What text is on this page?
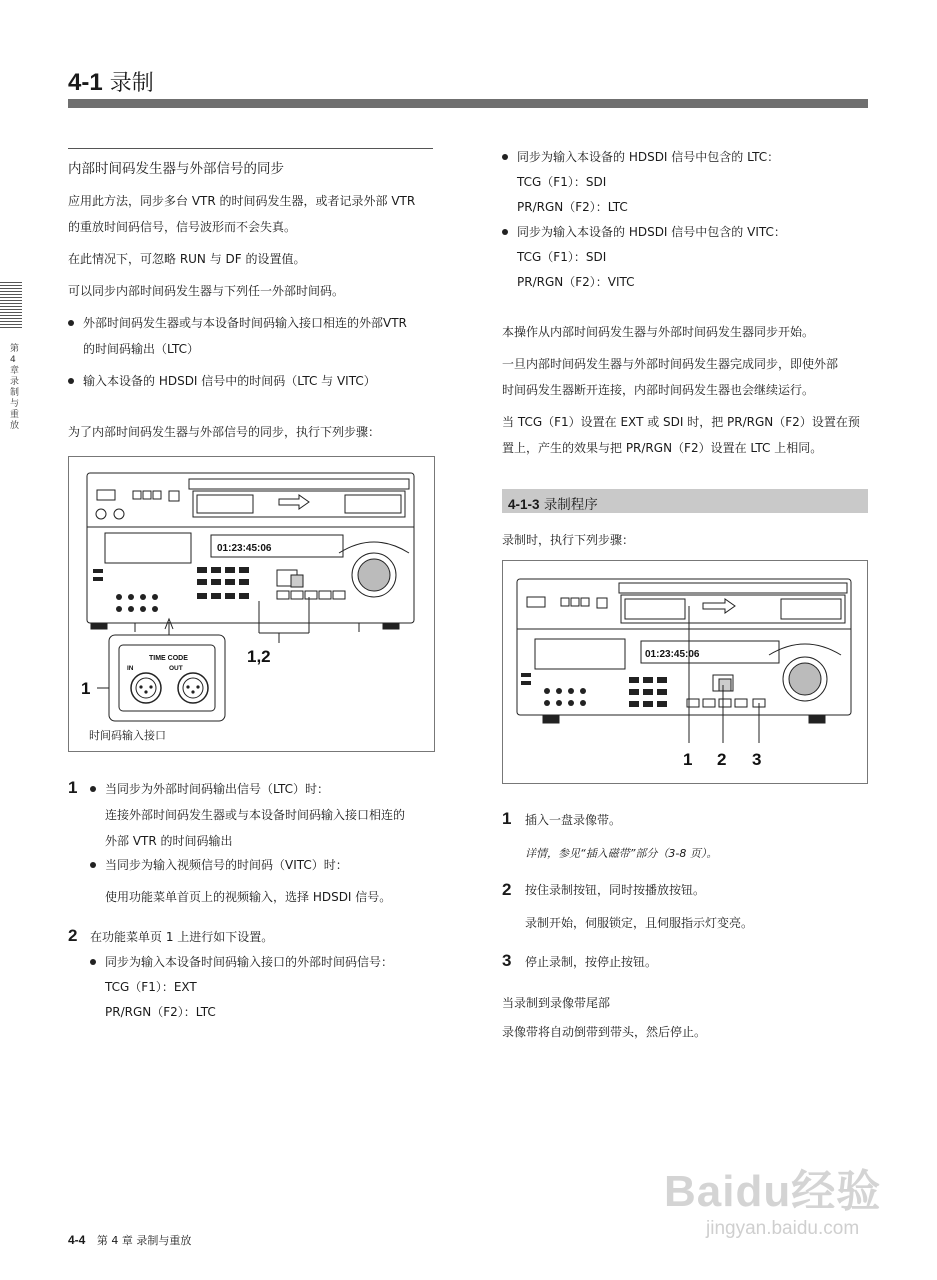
4-1 录制
第 4 章 录制与重放
内部时间码发生器与外部信号的同步
应用此方法，同步多台 VTR 的时间码发生器，或者记录外部 VTR
的重放时间码信号，信号波形而不会失真。
在此情况下，可忽略 RUN 与 DF 的设置值。
可以同步内部时间码发生器与下列任一外部时间码。
外部时间码发生器或与本设备时间码输入接口相连的外部VTR
的时间码输出（LTC）
输入本设备的 HDSDI 信号中的时间码（LTC 与 VITC）
为了内部时间码发生器与外部信号的同步，执行下列步骤：
01:23:45:06
TIME CODE
IN	OUT
1
1,2
时间码输入接口
1 当同步为外部时间码输出信号（LTC）时：
连接外部时间码发生器或与本设备时间码输入接口相连的
外部 VTR 的时间码输出
当同步为输入视频信号的时间码（VITC）时：
使用功能菜单首页上的视频输入，选择 HDSDI 信号。
2 在功能菜单页 1 上进行如下设置。
同步为输入本设备时间码输入接口的外部时间码信号：
TCG（F1）：EXT
PR/RGN（F2）：LTC
同步为输入本设备的 HDSDI 信号中包含的 LTC：
TCG（F1）：SDI
PR/RGN（F2）：LTC
同步为输入本设备的 HDSDI 信号中包含的 VITC：
TCG（F1）：SDI
PR/RGN（F2）：VITC
本操作从内部时间码发生器与外部时间码发生器同步开始。
一旦内部时间码发生器与外部时间码发生器完成同步，即使外部
时间码发生器断开连接，内部时间码发生器也会继续运行。
当 TCG（F1）设置在 EXT 或 SDI 时，把 PR/RGN（F2）设置在预
置上，产生的效果与把 PR/RGN（F2）设置在 LTC 上相同。
4-1-3 录制程序
录制时，执行下列步骤：
01:23:45:06
1 2 3
1 插入一盘录像带。
详情，参见“插入磁带”部分（3-8 页）。
2 按住录制按钮，同时按播放按钮。
录制开始，伺服锁定，且伺服指示灯变亮。
3 停止录制，按停止按钮。
当录制到录像带尾部
录像带将自动倒带到带头，然后停止。
Baidu经验
jingyan.baidu.com
4-4 第 4 章 录制与重放
